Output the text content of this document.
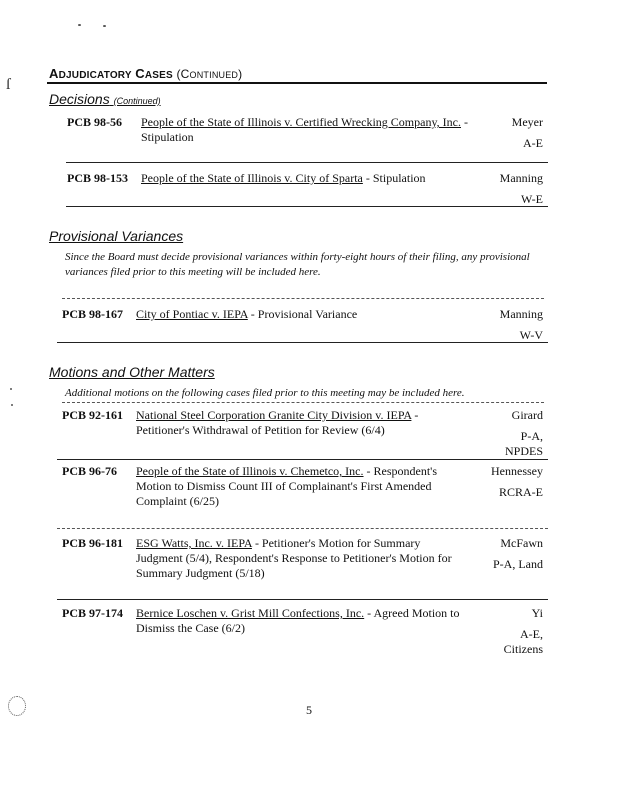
ſ
ADJUDICATORY CASES (CONTINUED)
Decisions (Continued)
PCB 98-56 People of the State of Illinois v. Certified Wrecking Company, Inc. - Stipulation
Meyer
A-E
PCB 98-153 People of the State of Illinois v. City of Sparta - Stipulation	Manning
W-E
Provisional Variances
Since the Board must decide provisional variances within forty-eight hours of their filing, any provisional variances filed prior to this meeting will be included here.
PCB 98-167 City of Pontiac v. IEPA - Provisional Variance	Manning
W-V
Motions and Other Matters
Additional motions on the following cases filed prior to this meeting may be included here.
PCB 92-161 National Steel Corporation Granite City Division v. IEPA - Petitioner's Withdrawal of Petition for Review (6/4)
Girard
P-A,
NPDES
PCB 96-76 People of the State of Illinois v. Chemetco, Inc. - Respondent's Motion to Dismiss Count III of Complainant's First Amended Complaint (6/25)
Hennessey
RCRA-E
PCB 96-181 ESG Watts, Inc. v. IEPA - Petitioner's Motion for Summary Judgment (5/4), Respondent's Response to Petitioner's Motion for Summary Judgment (5/18)
McFawn
P-A, Land
PCB 97-174 Bernice Loschen v. Grist Mill Confections, Inc. - Agreed Motion to Dismiss the Case (6/2)
Yi
A-E,
Citizens
5
